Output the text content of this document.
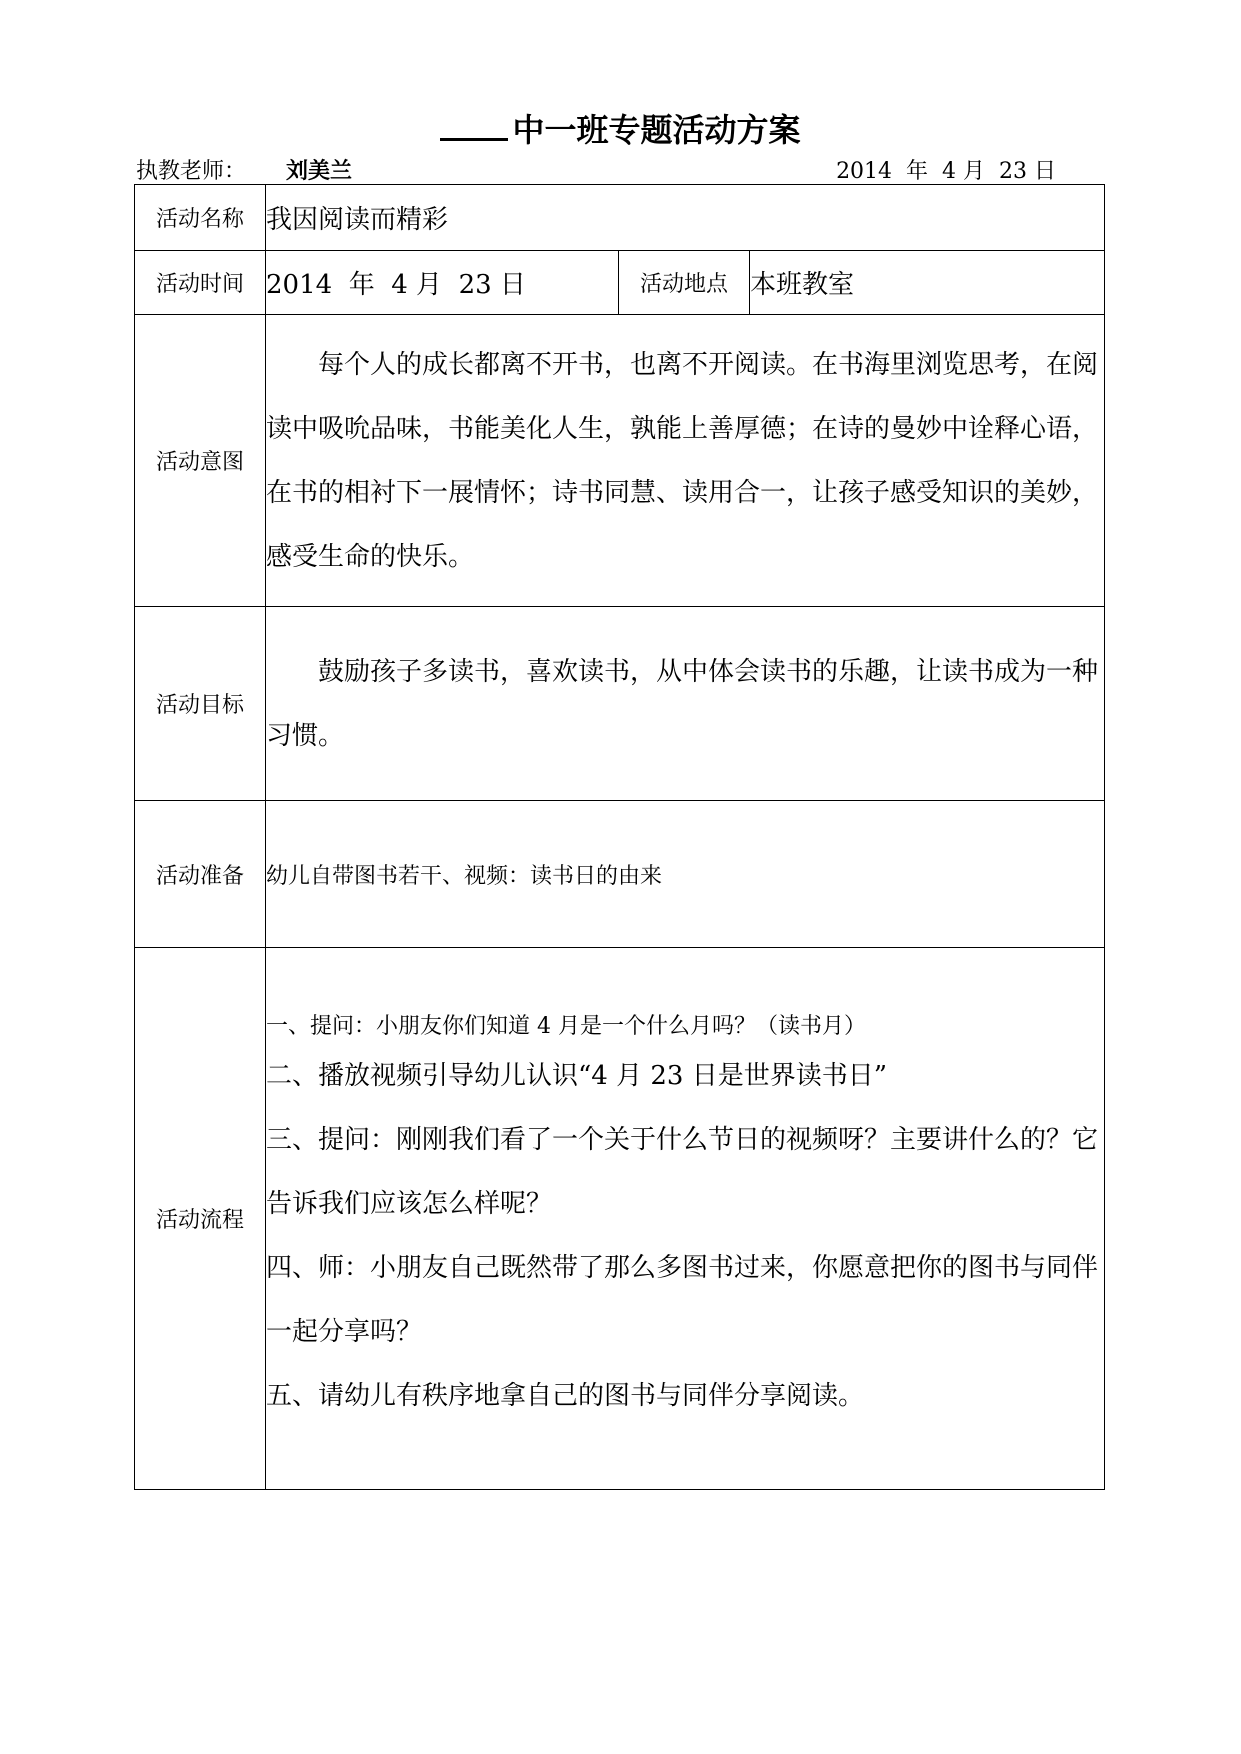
中一班专题活动方案
执教老师： 刘美兰	2014  年  4 月  23 日
活动名称	我因阅读而精彩		
活动时间	2014  年  4 月  23 日	活动地点	本班教室
活动意图	每个人的成长都离不开书，也离不开阅读。在书海里浏览思考，在阅读中吸吮品味，书能美化人生，孰能上善厚德；在诗的曼妙中诠释心语，在书的相衬下一展情怀；诗书同慧、读用合一，让孩子感受知识的美妙，感受生命的快乐。		
活动目标	鼓励孩子多读书，喜欢读书，从中体会读书的乐趣，让读书成为一种习惯。		
活动准备	幼儿自带图书若干、视频：读书日的由来		
活动流程	一、提问：小朋友你们知道 4 月是一个什么月吗？（读书月）
二、播放视频引导幼儿认识“4 月 23 日是世界读书日”
三、提问：刚刚我们看了一个关于什么节日的视频呀？主要讲什么的？它告诉我们应该怎么样呢？
四、师：小朋友自己既然带了那么多图书过来，你愿意把你的图书与同伴一起分享吗？
五、请幼儿有秩序地拿自己的图书与同伴分享阅读。		
